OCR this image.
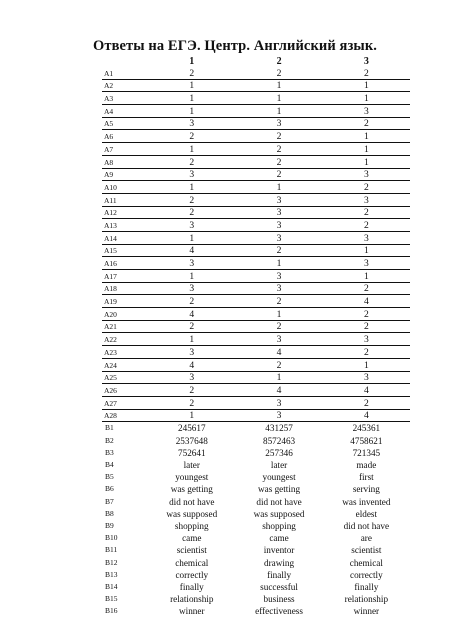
Ответы на ЕГЭ. Центр. Английский язык.
	1	2	3
A1	2	2	2
A2	1	1	1
A3	1	1	1
A4	1	1	3
A5	3	3	2
A6	2	2	1
A7	1	2	1
A8	2	2	1
A9	3	2	3
A10	1	1	2
A11	2	3	3
A12	2	3	2
A13	3	3	2
A14	1	3	3
A15	4	2	1
A16	3	1	3
A17	1	3	1
A18	3	3	2
A19	2	2	4
A20	4	1	2
A21	2	2	2
A22	1	3	3
A23	3	4	2
A24	4	2	1
A25	3	1	3
A26	2	4	4
A27	2	3	2
A28	1	3	4
B1	245617	431257	245361
B2	2537648	8572463	4758621
B3	752641	257346	721345
B4	later	later	made
B5	youngest	youngest	first
B6	was getting	was getting	serving
B7	did not have	did not have	was invented
B8	was supposed	was supposed	eldest
B9	shopping	shopping	did not have
B10	came	came	are
B11	scientist	inventor	scientist
B12	chemical	drawing	chemical
B13	correctly	finally	correctly
B14	finally	successful	finally
B15	relationship	business	relationship
B16	winner	effectiveness	winner
